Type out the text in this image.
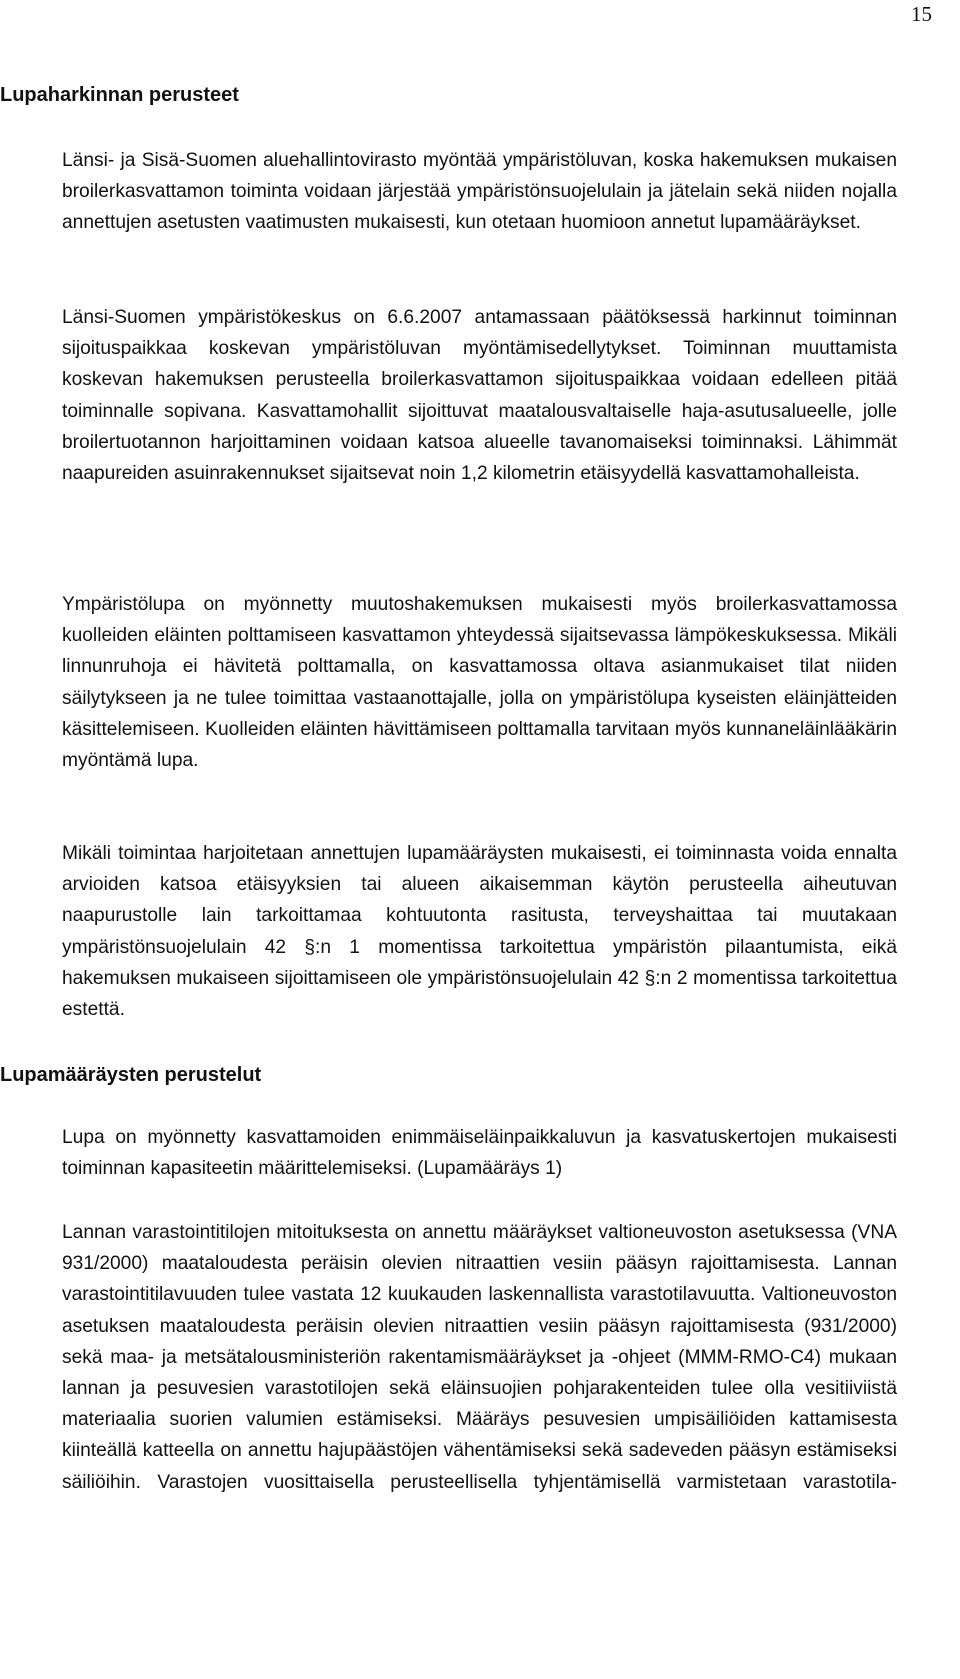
15
Lupaharkinnan perusteet

Länsi- ja Sisä-Suomen aluehallintovirasto myöntää ympäristöluvan, koska hakemuksen mukaisen broilerkasvattamon toiminta voidaan järjestää ympäristönsuojelulain ja jätelain sekä niiden nojalla annettujen asetusten vaatimusten mukaisesti, kun otetaan huomioon annetut lupamääräykset.

Länsi-Suomen ympäristökeskus on 6.6.2007 antamassaan päätöksessä harkinnut toiminnan sijoituspaikkaa koskevan ympäristöluvan myöntämisedellytykset. Toiminnan muuttamista koskevan hakemuksen perusteella broilerkasvattamon sijoituspaikkaa voidaan edelleen pitää toiminnalle sopivana. Kasvattamohallit sijoittuvat maatalousvaltaiselle haja-asutusalueelle, jolle broilertuotannon harjoittaminen voidaan katsoa alueelle tavanomaiseksi toiminnaksi. Lähimmät naapureiden asuinrakennukset sijaitsevat noin 1,2 kilometrin etäisyydellä kasvattamohalleista.

Ympäristölupa on myönnetty muutoshakemuksen mukaisesti myös broilerkasvattamossa kuolleiden eläinten polttamiseen kasvattamon yhteydessä sijaitsevassa lämpökeskuksessa. Mikäli linnunruhoja ei hävitetä polttamalla, on kasvattamossa oltava asianmukaiset tilat niiden säilytykseen ja ne tulee toimittaa vastaanottajalle, jolla on ympäristölupa kyseisten eläinjätteiden käsittelemiseen. Kuolleiden eläinten hävittämiseen polttamalla tarvitaan myös kunnaneläinlääkärin myöntämä lupa.

Mikäli toimintaa harjoitetaan annettujen lupamääräysten mukaisesti, ei toiminnasta voida ennalta arvioiden katsoa etäisyyksien tai alueen aikaisemman käytön perusteella aiheutuvan naapurustolle lain tarkoittamaa kohtuutonta rasitusta, terveyshaittaa tai muutakaan ympäristönsuojelulain 42 §:n 1 momentissa tarkoitettua ympäristön pilaantumista, eikä hakemuksen mukaiseen sijoittamiseen ole ympäristönsuojelulain 42 §:n 2 momentissa tarkoitettua estettä.

Lupamääräysten perustelut

Lupa on myönnetty kasvattamoiden enimmäiseläinpaikkaluvun ja kasvatuskertojen mukaisesti toiminnan kapasiteetin määrittelemiseksi. (Lupamääräys 1)

Lannan varastointitilojen mitoituksesta on annettu määräykset valtioneuvoston asetuksessa (VNA 931/2000) maataloudesta peräisin olevien nitraattien vesiin pääsyn rajoittamisesta. Lannan varastointitilavuuden tulee vastata 12 kuukauden laskennallista varastotilavuutta. Valtioneuvoston asetuksen maataloudesta peräisin olevien nitraattien vesiin pääsyn rajoittamisesta (931/2000) sekä maa- ja metsätalousministeriön rakentamismääräykset ja -ohjeet (MMM-RMO-C4) mukaan lannan ja pesuvesien varastotilojen sekä eläinsuojien pohjarakenteiden tulee olla vesitiiviistä materiaalia suorien valumien estämiseksi. Määräys pesuvesien umpisäiliöiden kattamisesta kiinteällä katteella on annettu hajupäästöjen vähentämiseksi sekä sadeveden pääsyn estämiseksi säiliöihin. Varastojen vuosittaisella perusteellisella tyhjentämisellä varmistetaan varastotila-
